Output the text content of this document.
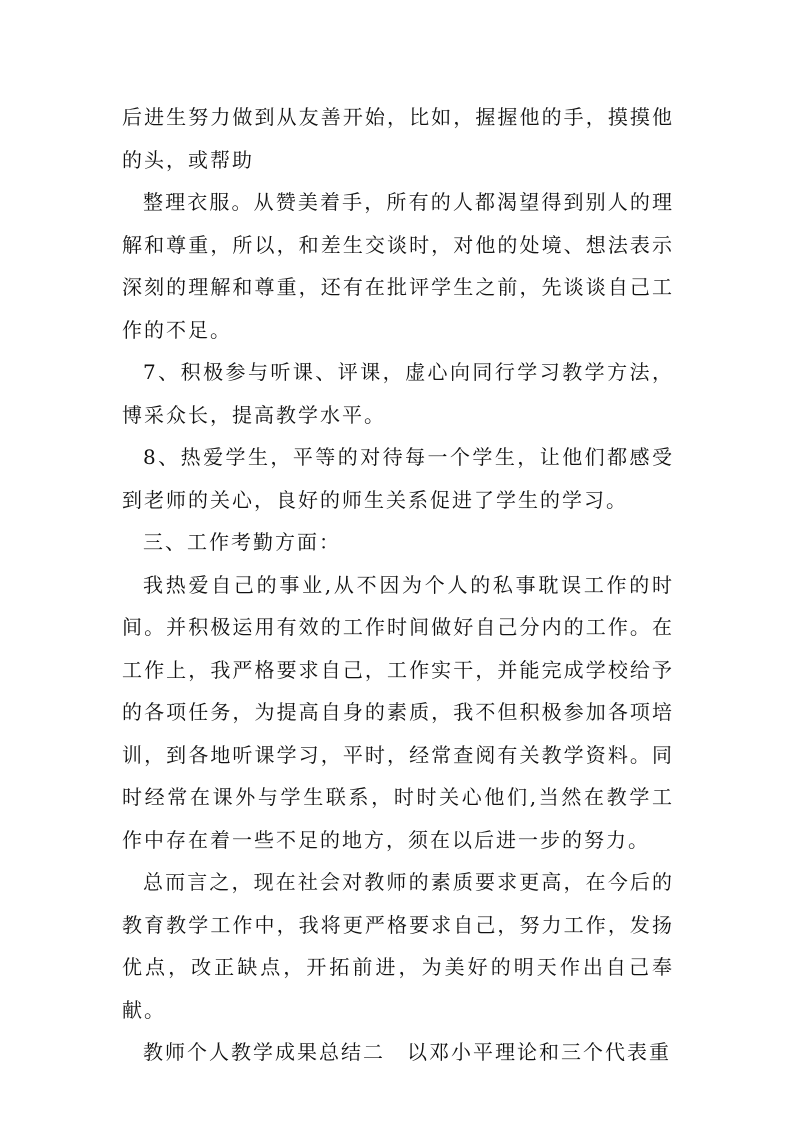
后进生努力做到从友善开始，比如，握握他的手，摸摸他的头，或帮助

整理衣服。从赞美着手，所有的人都渴望得到别人的理解和尊重，所以，和差生交谈时，对他的处境、想法表示深刻的理解和尊重，还有在批评学生之前，先谈谈自己工作的不足。

7、积极参与听课、评课，虚心向同行学习教学方法，博采众长，提高教学水平。

8、热爱学生，平等的对待每一个学生，让他们都感受到老师的关心，良好的师生关系促进了学生的学习。

三、工作考勤方面：

我热爱自己的事业,从不因为个人的私事耽误工作的时间。并积极运用有效的工作时间做好自己分内的工作。在工作上，我严格要求自己，工作实干，并能完成学校给予的各项任务，为提高自身的素质，我不但积极参加各项培训，到各地听课学习，平时，经常查阅有关教学资料。同时经常在课外与学生联系，时时关心他们,当然在教学工作中存在着一些不足的地方，须在以后进一步的努力。

总而言之，现在社会对教师的素质要求更高，在今后的教育教学工作中，我将更严格要求自己，努力工作，发扬优点，改正缺点，开拓前进，为美好的明天作出自己奉献。

教师个人教学成果总结二　以邓小平理论和三个代表重
